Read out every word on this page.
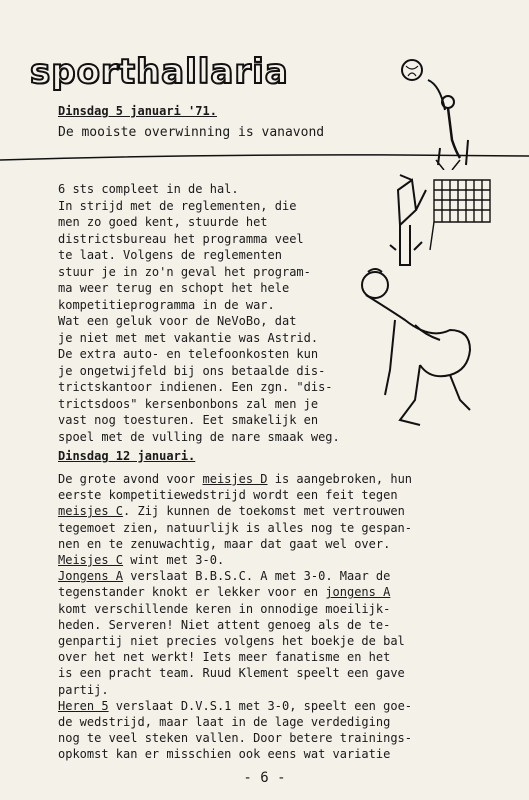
sporthallaria
Dinsdag 5 januari '71.
De mooiste overwinning is vanavond
6 sts compleet in de hal.
In strijd met de reglementen, die
men zo goed kent, stuurde het
districtsbureau het programma veel
te laat. Volgens de reglementen
stuur je in zo'n geval het program-
ma weer terug en schopt het hele
kompetitieprogramma in de war.
Wat een geluk voor de NeVoBo, dat
je niet met met vakantie was Astrid.
De extra auto- en telefoonkosten kun
je ongetwijfeld bij ons betaalde dis-
trictskantoor indienen. Een zgn. "dis-
trictsdoos" kersenbonbons zal men je
vast nog toesturen. Eet smakelijk en
spoel met de vulling de nare smaak weg.
Dinsdag 12 januari.
De grote avond voor meisjes D is aangebroken, hun
eerste kompetitiewedstrijd wordt een feit tegen
meisjes C. Zij kunnen de toekomst met vertrouwen
tegemoet zien, natuurlijk is alles nog te gespan-
nen en te zenuwachtig, maar dat gaat wel over.
Meisjes C wint met 3-0.
Jongens A verslaat B.B.S.C. A met 3-0. Maar de
tegenstander knokt er lekker voor en jongens A
komt verschillende keren in onnodige moeilijk-
heden. Serveren! Niet attent genoeg als de te-
genpartij niet precies volgens het boekje de bal
over het net werkt! Iets meer fanatisme en het
is een pracht team. Ruud Klement speelt een gave
partij.
Heren 5 verslaat D.V.S.1 met 3-0, speelt een goe-
de wedstrijd, maar laat in de lage verdediging
nog te veel steken vallen. Door betere trainings-
opkomst kan er misschien ook eens wat variatie
- 6 -
